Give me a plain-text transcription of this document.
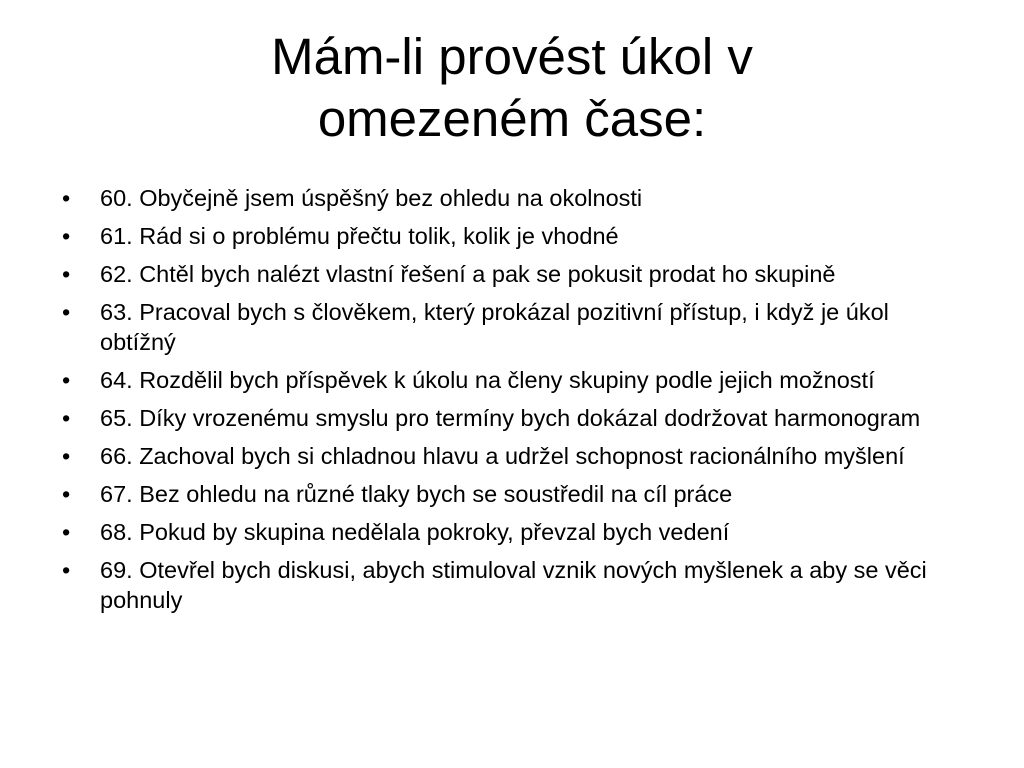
Mám-li provést úkol v
omezeném čase:
• 60. Obyčejně jsem úspěšný bez ohledu na okolnosti
• 61. Rád si o problému přečtu tolik, kolik je vhodné
• 62. Chtěl bych nalézt vlastní řešení a pak se pokusit prodat ho skupině
• 63. Pracoval bych s člověkem, který prokázal pozitivní přístup, i když je úkol obtížný
• 64. Rozdělil bych příspěvek k úkolu na členy skupiny podle jejich možností
• 65. Díky vrozenému smyslu pro termíny bych dokázal dodržovat harmonogram
• 66. Zachoval bych si chladnou hlavu a udržel schopnost racionálního myšlení
• 67. Bez ohledu na různé tlaky bych se soustředil na cíl práce
• 68. Pokud by skupina nedělala pokroky, převzal bych vedení
• 69. Otevřel bych diskusi, abych stimuloval vznik nových myšlenek a aby se věci pohnuly
